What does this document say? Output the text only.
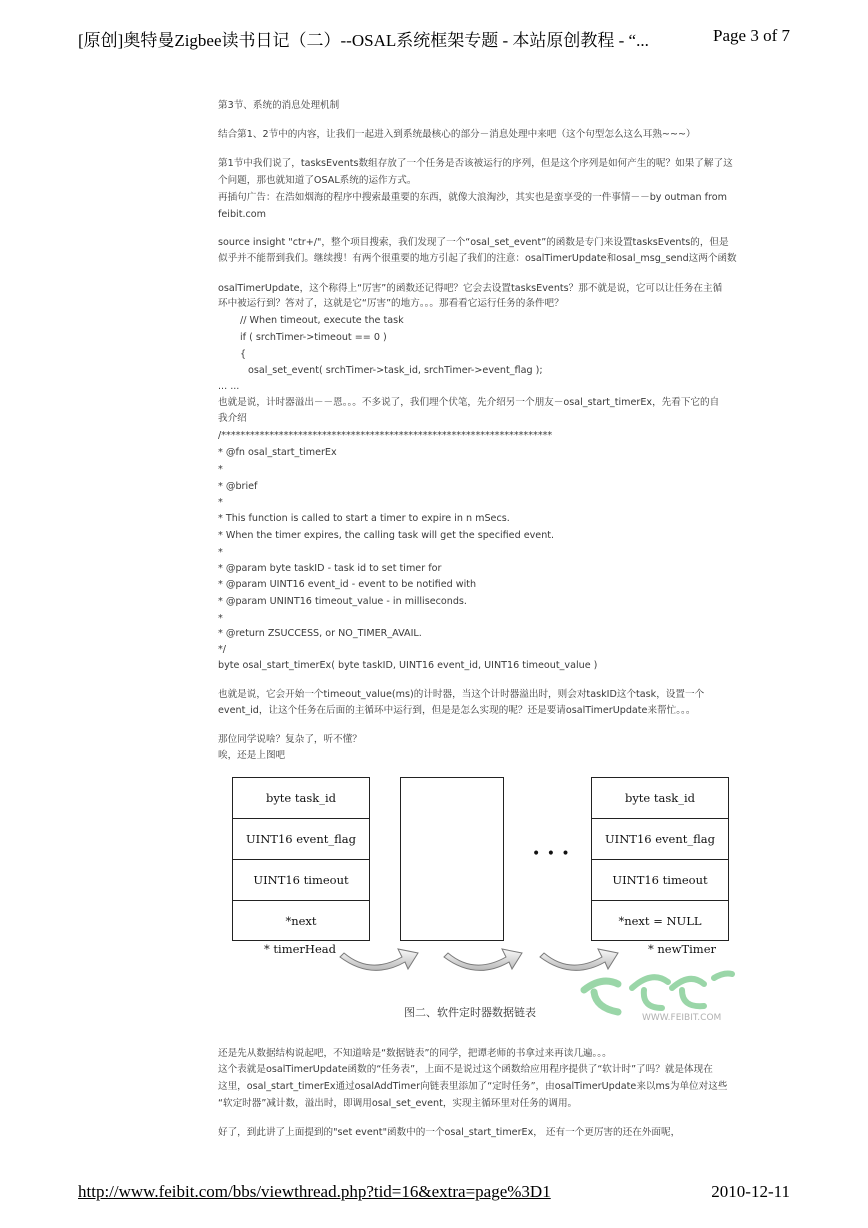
[原创]奥特曼Zigbee读书日记（二）--OSAL系统框架专题 - 本站原创教程 - “...	Page 3 of 7
第3节、系统的消息处理机制
结合第1、2节中的内容，让我们一起进入到系统最核心的部分－消息处理中来吧（这个句型怎么这么耳熟~~~）
第1节中我们说了，tasksEvents数组存放了一个任务是否该被运行的序列，但是这个序列是如何产生的呢？如果了解了这
个问题，那也就知道了OSAL系统的运作方式。
再插句广告：在浩如烟海的程序中搜索最重要的东西，就像大浪淘沙，其实也是蛮享受的一件事情－－by outman from
feibit.com
source insight "ctr+/"，整个项目搜索，我们发现了一个“osal_set_event”的函数是专门来设置tasksEvents的，但是
似乎并不能帮到我们。继续搜！有两个很重要的地方引起了我们的注意：osalTimerUpdate和osal_msg_send这两个函数
osalTimerUpdate，这个称得上“厉害”的函数还记得吧？它会去设置tasksEvents？那不就是说，它可以让任务在主循
环中被运行到？答对了，这就是它“厉害”的地方。。。那看看它运行任务的条件吧？
// When timeout, execute the task
if ( srchTimer->timeout == 0 )
{
osal_set_event( srchTimer->task_id, srchTimer->event_flag );
... ...
也就是说，计时器溢出－－恩。。。不多说了，我们埋个伏笔，先介绍另一个朋友－osal_start_timerEx，先看下它的自
我介绍
/*********************************************************************
* @fn osal_start_timerEx
*
* @brief
*
* This function is called to start a timer to expire in n mSecs.
* When the timer expires, the calling task will get the specified event.
*
* @param byte taskID - task id to set timer for
* @param UINT16 event_id - event to be notified with
* @param UNINT16 timeout_value - in milliseconds.
*
* @return ZSUCCESS, or NO_TIMER_AVAIL.
*/
byte osal_start_timerEx( byte taskID, UINT16 event_id, UINT16 timeout_value )
也就是说，它会开始一个timeout_value(ms)的计时器，当这个计时器溢出时，则会对taskID这个task，设置一个
event_id，让这个任务在后面的主循环中运行到，但是是怎么实现的呢？还是要请osalTimerUpdate来帮忙。。。
那位同学说啥？复杂了，听不懂？
唉，还是上图吧
byte task_id
UINT16 event_flag
UINT16 timeout
*next
• • •
byte task_id
UINT16 event_flag
UINT16 timeout
*next = NULL
* timerHead	* newTimer
WWW.FEIBIT.COM
图二、软件定时器数据链表
还是先从数据结构说起吧，不知道啥是“数据链表”的同学，把谭老师的书拿过来再读几遍。。。
这个表就是osalTimerUpdate函数的“任务表”，上面不是说过这个函数给应用程序提供了“软计时”了吗？就是体现在
这里，osal_start_timerEx通过osalAddTimer向链表里添加了“定时任务”，由osalTimerUpdate来以ms为单位对这些
“软定时器”减计数，溢出时，即调用osal_set_event，实现主循环里对任务的调用。
好了，到此讲了上面提到的"set event"函数中的一个osal_start_timerEx， 还有一个更厉害的还在外面呢，
http://www.feibit.com/bbs/viewthread.php?tid=16&extra=page%3D1	2010-12-11
